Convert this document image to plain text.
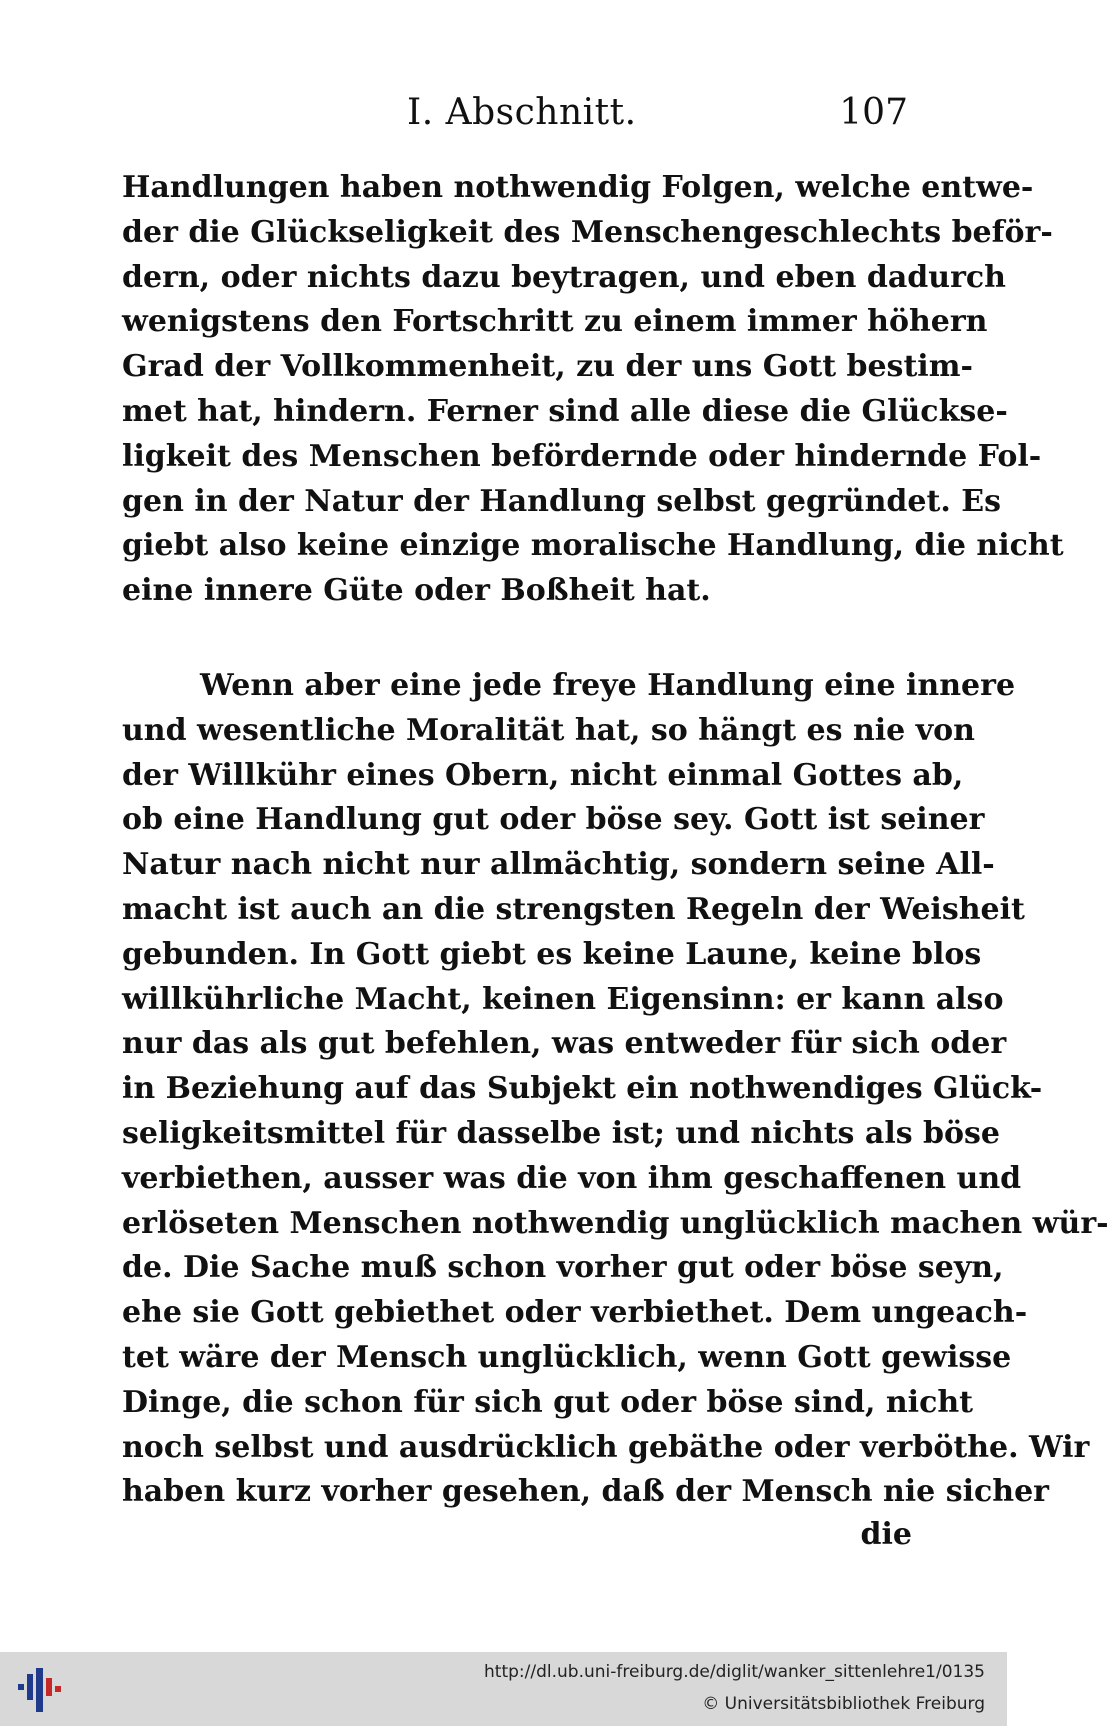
I. Abschnitt.	107

Handlungen haben nothwendig Folgen, welche entwe-
der die Glückseligkeit des Menschengeschlechts beför-
dern, oder nichts dazu beytragen, und eben dadurch
wenigstens den Fortschritt zu einem immer höhern
Grad der Vollkommenheit, zu der uns Gott bestim-
met hat, hindern. Ferner sind alle diese die Glückse-
ligkeit des Menschen befördernde oder hindernde Fol-
gen in der Natur der Handlung selbst gegründet. Es
giebt also keine einzige moralische Handlung, die nicht
eine innere Güte oder Boßheit hat.

Wenn aber eine jede freye Handlung eine innere
und wesentliche Moralität hat, so hängt es nie von
der Willkühr eines Obern, nicht einmal Gottes ab,
ob eine Handlung gut oder böse sey. Gott ist seiner
Natur nach nicht nur allmächtig, sondern seine All-
macht ist auch an die strengsten Regeln der Weisheit
gebunden. In Gott giebt es keine Laune, keine blos
willkührliche Macht, keinen Eigensinn: er kann also
nur das als gut befehlen, was entweder für sich oder
in Beziehung auf das Subjekt ein nothwendiges Glück-
seligkeitsmittel für dasselbe ist; und nichts als böse
verbiethen, ausser was die von ihm geschaffenen und
erlöseten Menschen nothwendig unglücklich machen wür-
de. Die Sache muß schon vorher gut oder böse seyn,
ehe sie Gott gebiethet oder verbiethet. Dem ungeach-
tet wäre der Mensch unglücklich, wenn Gott gewisse
Dinge, die schon für sich gut oder böse sind, nicht
noch selbst und ausdrücklich gebäthe oder verböthe. Wir
haben kurz vorher gesehen, daß der Mensch nie sicher

die
http://dl.ub.uni-freiburg.de/diglit/wanker_sittenlehre1/0135
© Universitätsbibliothek Freiburg
